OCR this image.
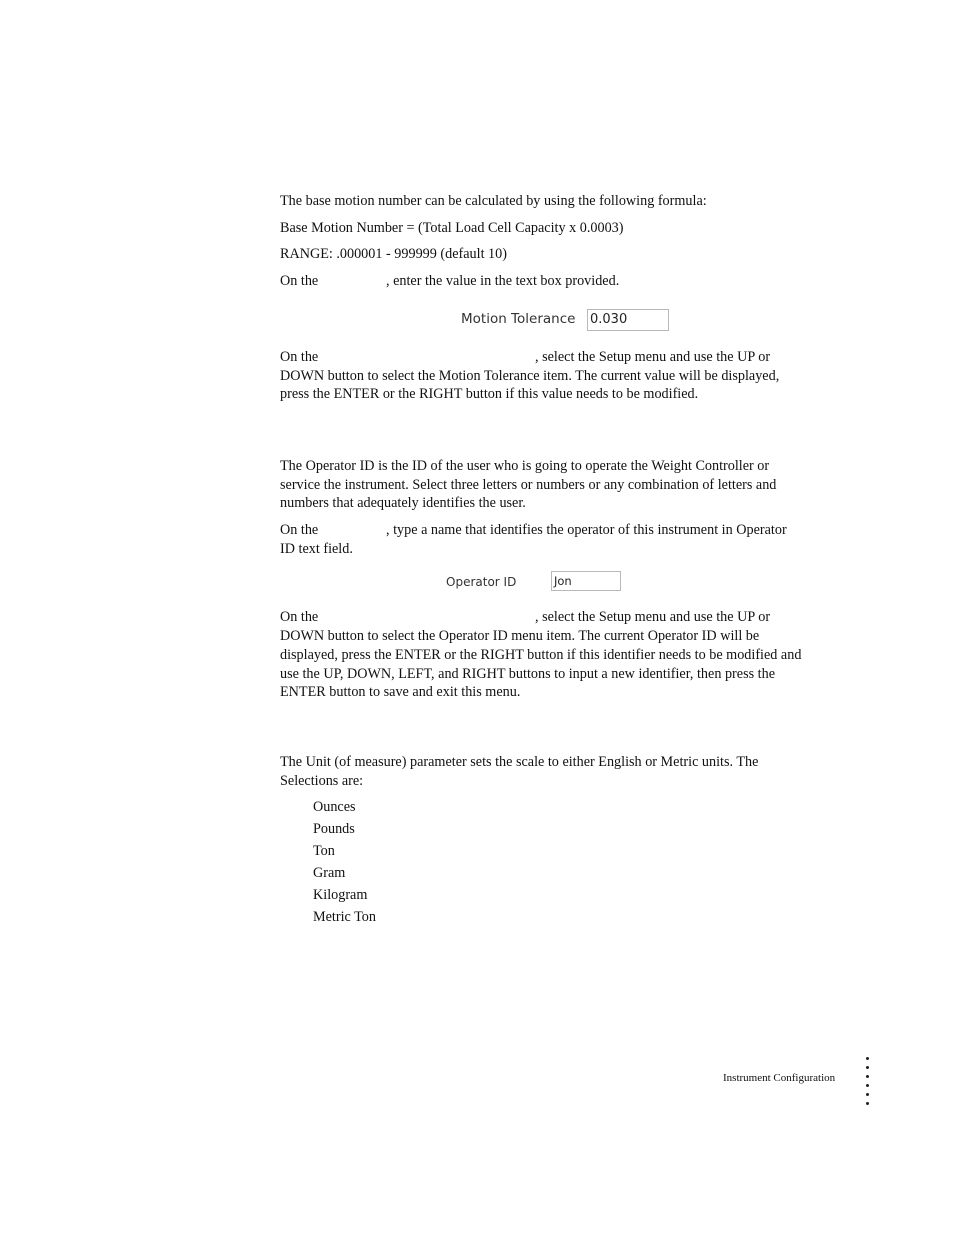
The base motion number can be calculated by using the following formula:
Base Motion Number = (Total Load Cell Capacity x 0.0003)
RANGE: .000001 - 999999 (default 10)
On the	, enter the value in the text box provided.
Motion Tolerance 0.030
On the	, select the Setup menu and use the UP or
DOWN button to select the Motion Tolerance item. The current value will be displayed,
press the ENTER or the RIGHT button if this value needs to be modified.
The Operator ID is the ID of the user who is going to operate the Weight Controller or
service the instrument. Select three letters or numbers or any combination of letters and
numbers that adequately identifies the user.
On the	, type a name that identifies the operator of this instrument in Operator
ID text field.
Operator ID	Jon
On the	, select the Setup menu and use the UP or
DOWN button to select the Operator ID menu item. The current Operator ID will be
displayed, press the ENTER or the RIGHT button if this identifier needs to be modified and
use the UP, DOWN, LEFT, and RIGHT buttons to input a new identifier, then press the
ENTER button to save and exit this menu.
The Unit (of measure) parameter sets the scale to either English or Metric units. The
Selections are:
Ounces
Pounds
Ton
Gram
Kilogram
Metric Ton
Instrument Configuration
